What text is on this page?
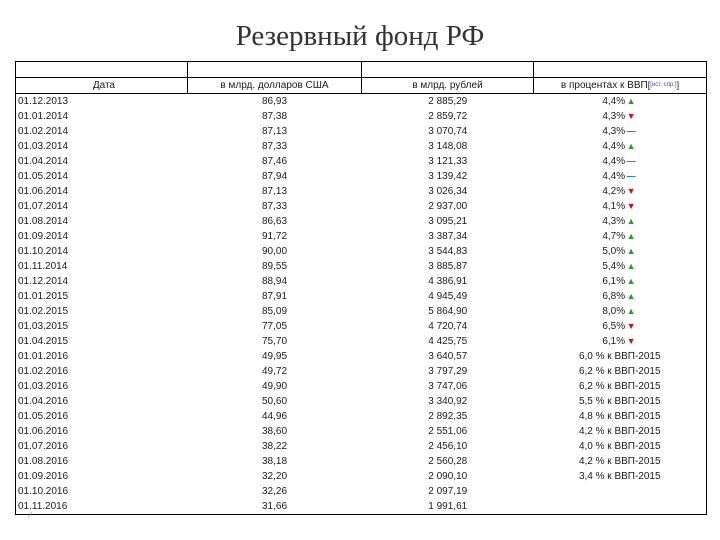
Резервный фонд РФ

Дата	в млрд. долларов США	в млрд. рублей	в процентах к ВВП[[ист. спр.]]
01.12.2013	86,93	2 885,29	4,4% ▲
01.01.2014	87,38	2 859,72	4,3% ▼
01.02.2014	87,13	3 070,74	4,3% —
01.03.2014	87,33	3 148,08	4,4% ▲
01.04.2014	87,46	3 121,33	4,4% —
01.05.2014	87,94	3 139,42	4,4% —
01.06.2014	87,13	3 026,34	4,2% ▼
01.07.2014	87,33	2 937,00	4,1% ▼
01.08.2014	86,63	3 095,21	4,3% ▲
01.09.2014	91,72	3 387,34	4,7% ▲
01.10.2014	90,00	3 544,83	5,0% ▲
01.11.2014	89,55	3 885,87	5,4% ▲
01.12.2014	88,94	4 386,91	6,1% ▲
01.01.2015	87,91	4 945,49	6,8% ▲
01.02.2015	85,09	5 864,90	8,0% ▲
01.03.2015	77,05	4 720,74	6,5% ▼
01.04.2015	75,70	4 425,75	6,1% ▼
01.01.2016	49,95	3 640,57	6,0 % к ВВП-2015
01.02.2016	49,72	3 797,29	6,2 % к ВВП-2015
01.03.2016	49,90	3 747,06	6,2 % к ВВП-2015
01.04.2016	50,60	3 340,92	5,5 % к ВВП-2015
01.05.2016	44,96	2 892,35	4,8 % к ВВП-2015
01.06.2016	38,60	2 551,06	4,2 % к ВВП-2015
01.07.2016	38,22	2 456,10	4,0 % к ВВП-2015
01.08.2016	38,18	2 560,28	4,2 % к ВВП-2015
01.09.2016	32,20	2 090,10	3,4 % к ВВП-2015
01.10.2016	32,26	2 097,19	
01.11.2016	31,66	1 991,61	
⁄
